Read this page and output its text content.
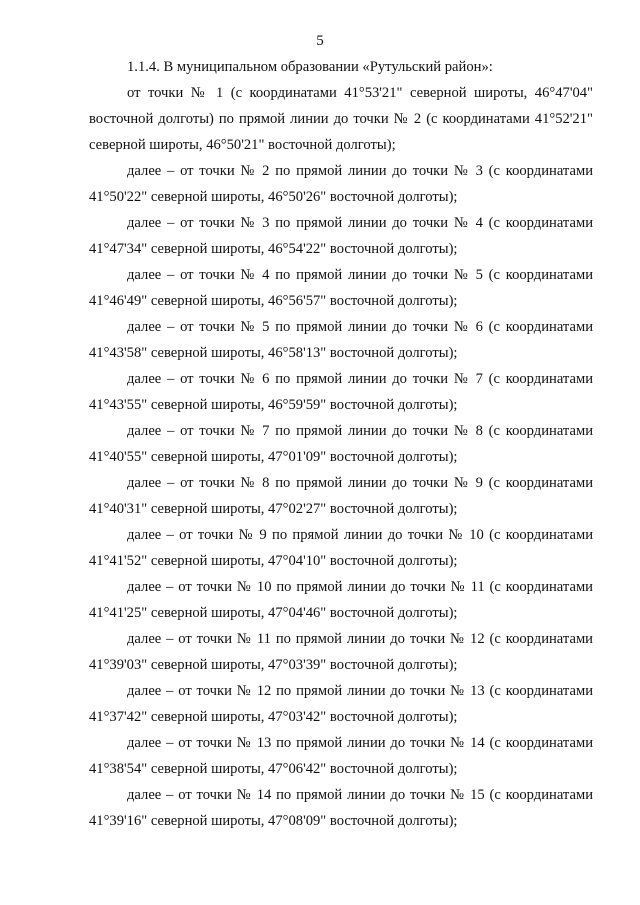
5

1.1.4. В муниципальном образовании «Рутульский район»:

от точки № 1 (с координатами 41°53'21" северной широты, 46°47'04" восточной долготы) по прямой линии до точки № 2 (с координатами 41°52'21" северной широты, 46°50'21" восточной долготы);

далее – от точки № 2 по прямой линии до точки № 3 (с координатами 41°50'22" северной широты, 46°50'26" восточной долготы);

далее – от точки № 3 по прямой линии до точки № 4 (с координатами 41°47'34" северной широты, 46°54'22" восточной долготы);

далее – от точки № 4 по прямой линии до точки № 5 (с координатами 41°46'49" северной широты, 46°56'57" восточной долготы);

далее – от точки № 5 по прямой линии до точки № 6 (с координатами 41°43'58" северной широты, 46°58'13" восточной долготы);

далее – от точки № 6 по прямой линии до точки № 7 (с координатами 41°43'55" северной широты, 46°59'59" восточной долготы);

далее – от точки № 7 по прямой линии до точки № 8 (с координатами 41°40'55" северной широты, 47°01'09" восточной долготы);

далее – от точки № 8 по прямой линии до точки № 9 (с координатами 41°40'31" северной широты, 47°02'27" восточной долготы);

далее – от точки № 9 по прямой линии до точки № 10 (с координатами 41°41'52" северной широты, 47°04'10" восточной долготы);

далее – от точки № 10 по прямой линии до точки № 11 (с координатами 41°41'25" северной широты, 47°04'46" восточной долготы);

далее – от точки № 11 по прямой линии до точки № 12 (с координатами 41°39'03" северной широты, 47°03'39" восточной долготы);

далее – от точки № 12 по прямой линии до точки № 13 (с координатами 41°37'42" северной широты, 47°03'42" восточной долготы);

далее – от точки № 13 по прямой линии до точки № 14 (с координатами 41°38'54" северной широты, 47°06'42" восточной долготы);

далее – от точки № 14 по прямой линии до точки № 15 (с координатами 41°39'16" северной широты, 47°08'09" восточной долготы);
